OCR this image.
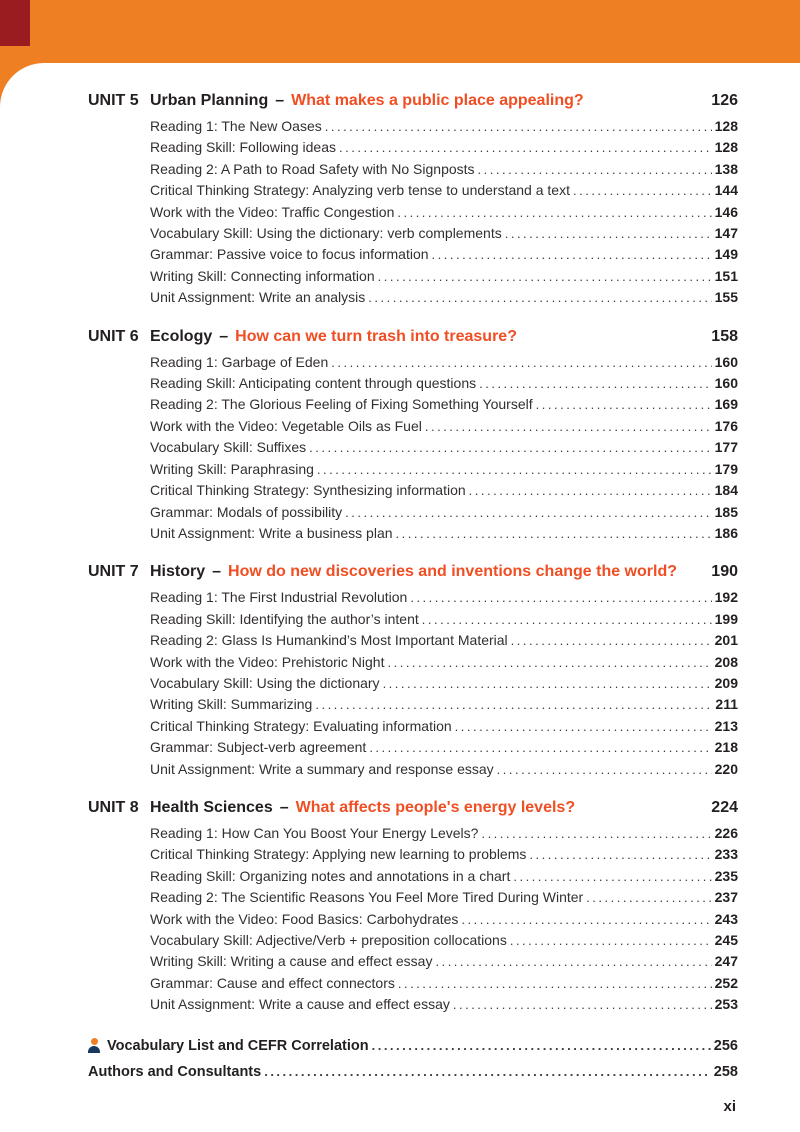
UNIT 5 Urban Planning – What makes a public place appealing?	126
Reading 1: The New Oases .....	128
Reading Skill: Following ideas .....	128
Reading 2: A Path to Road Safety with No Signposts .....	138
Critical Thinking Strategy: Analyzing verb tense to understand a text .....	144
Work with the Video: Traffic Congestion .....	146
Vocabulary Skill: Using the dictionary: verb complements .....	147
Grammar: Passive voice to focus information .....	149
Writing Skill: Connecting information .....	151
Unit Assignment: Write an analysis .....	155
UNIT 6 Ecology – How can we turn trash into treasure?	158
Reading 1: Garbage of Eden .....	160
Reading Skill: Anticipating content through questions .....	160
Reading 2: The Glorious Feeling of Fixing Something Yourself .....	169
Work with the Video: Vegetable Oils as Fuel .....	176
Vocabulary Skill: Suffixes .....	177
Writing Skill: Paraphrasing .....	179
Critical Thinking Strategy: Synthesizing information .....	184
Grammar: Modals of possibility .....	185
Unit Assignment: Write a business plan .....	186
UNIT 7 History – How do new discoveries and inventions change the world?	190
Reading 1: The First Industrial Revolution .....	192
Reading Skill: Identifying the author’s intent .....	199
Reading 2: Glass Is Humankind’s Most Important Material .....	201
Work with the Video: Prehistoric Night .....	208
Vocabulary Skill: Using the dictionary .....	209
Writing Skill: Summarizing .....	211
Critical Thinking Strategy: Evaluating information .....	213
Grammar: Subject-verb agreement .....	218
Unit Assignment: Write a summary and response essay .....	220
UNIT 8 Health Sciences – What affects people's energy levels?	224
Reading 1: How Can You Boost Your Energy Levels? .....	226
Critical Thinking Strategy: Applying new learning to problems .....	233
Reading Skill: Organizing notes and annotations in a chart .....	235
Reading 2: The Scientific Reasons You Feel More Tired During Winter .....	237
Work with the Video: Food Basics: Carbohydrates .....	243
Vocabulary Skill: Adjective/Verb + preposition collocations .....	245
Writing Skill: Writing a cause and effect essay .....	247
Grammar: Cause and effect connectors .....	252
Unit Assignment: Write a cause and effect essay .....	253
Vocabulary List and CEFR Correlation .....	256
Authors and Consultants .....	258
xi
